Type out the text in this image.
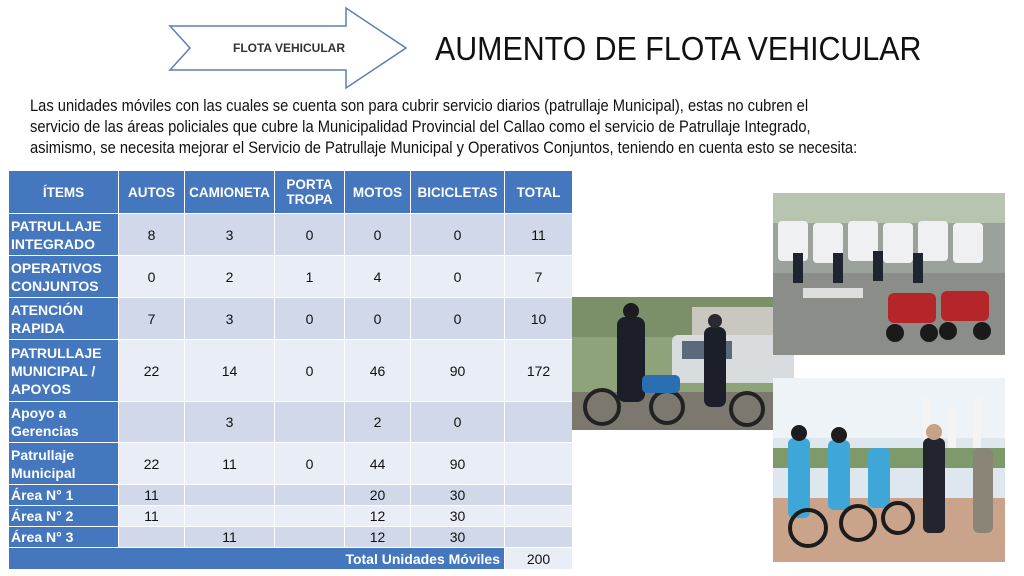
FLOTA VEHICULAR	AUMENTO DE FLOTA VEHICULAR
Las unidades móviles con las cuales se cuenta son para cubrir servicio diarios (patrullaje Municipal), estas no cubren el servicio de las áreas policiales que cubre la Municipalidad Provincial del Callao como el servicio de Patrullaje Integrado, asimismo, se necesita mejorar el Servicio de Patrullaje Municipal y Operativos Conjuntos, teniendo en cuenta esto se necesita:
ÍTEMS	AUTOS	CAMIONETA	PORTA TROPA	MOTOS	BICICLETAS	TOTAL
PATRULLAJE INTEGRADO	8	3	0	0	0	11
OPERATIVOS CONJUNTOS	0	2	1	4	0	7
ATENCIÓN RAPIDA	7	3	0	0	0	10
PATRULLAJE MUNICIPAL / APOYOS	22	14	0	46	90	172
Apoyo a Gerencias		3		2	0	
Patrullaje Municipal	22	11	0	44	90	
Área N° 1	11			20	30	
Área N° 2	11			12	30	
Área N° 3		11		12	30	
Total Unidades Móviles						200
